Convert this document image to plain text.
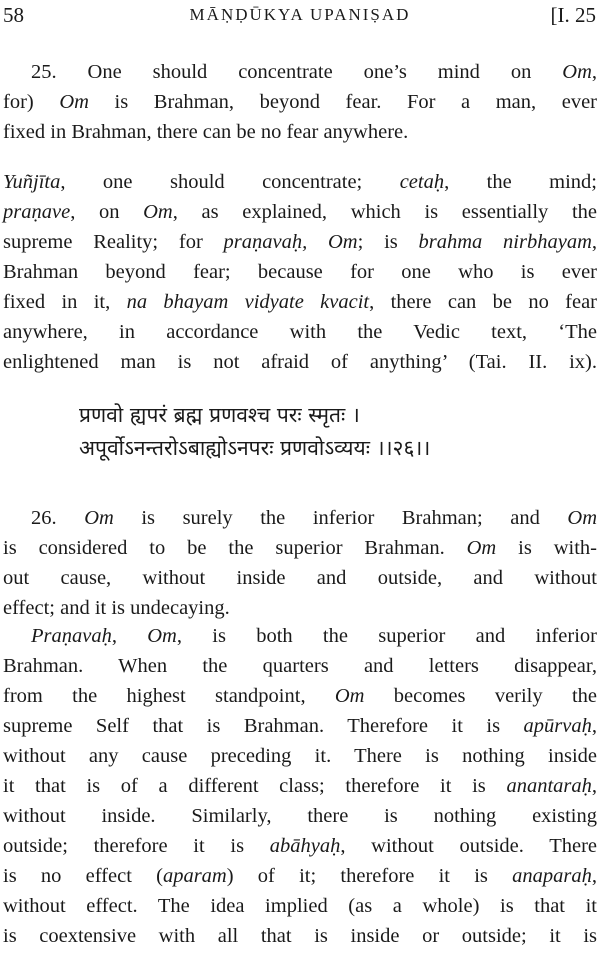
58	MĀṆḌŪKYA UPANIṢAD	[I. 25
25. One should concentrate one’s mind on Om,
for) Om is Brahman, beyond fear. For a man, ever
fixed in Brahman, there can be no fear anywhere.
Yuñjīta, one should concentrate; cetaḥ, the mind;
praṇave, on Om, as explained, which is essentially the
supreme Reality; for praṇavaḥ, Om; is brahma nirbhayam,
Brahman beyond fear; because for one who is ever
fixed in it, na bhayam vidyate kvacit, there can be no fear
anywhere, in accordance with the Vedic text, ‘The
enlightened man is not afraid of anything’ (Tai. II. ix).
प्रणवो ह्यपरं ब्रह्म प्रणवश्च परः स्मृतः ।
अपूर्वोऽनन्तरोऽबाह्योऽनपरः प्रणवोऽव्ययः ।।२६।।
26. Om is surely the inferior Brahman; and Om
is considered to be the superior Brahman. Om is with-
out cause, without inside and outside, and without
effect; and it is undecaying.
Praṇavaḥ, Om, is both the superior and inferior
Brahman. When the quarters and letters disappear,
from the highest standpoint, Om becomes verily the
supreme Self that is Brahman. Therefore it is apūrvaḥ,
without any cause preceding it. There is nothing inside
it that is of a different class; therefore it is anantaraḥ,
without inside. Similarly, there is nothing existing
outside; therefore it is abāhyaḥ, without outside. There
is no effect (aparam) of it; therefore it is anaparaḥ,
without effect. The idea implied (as a whole) is that it
is coextensive with all that is inside or outside; it is
